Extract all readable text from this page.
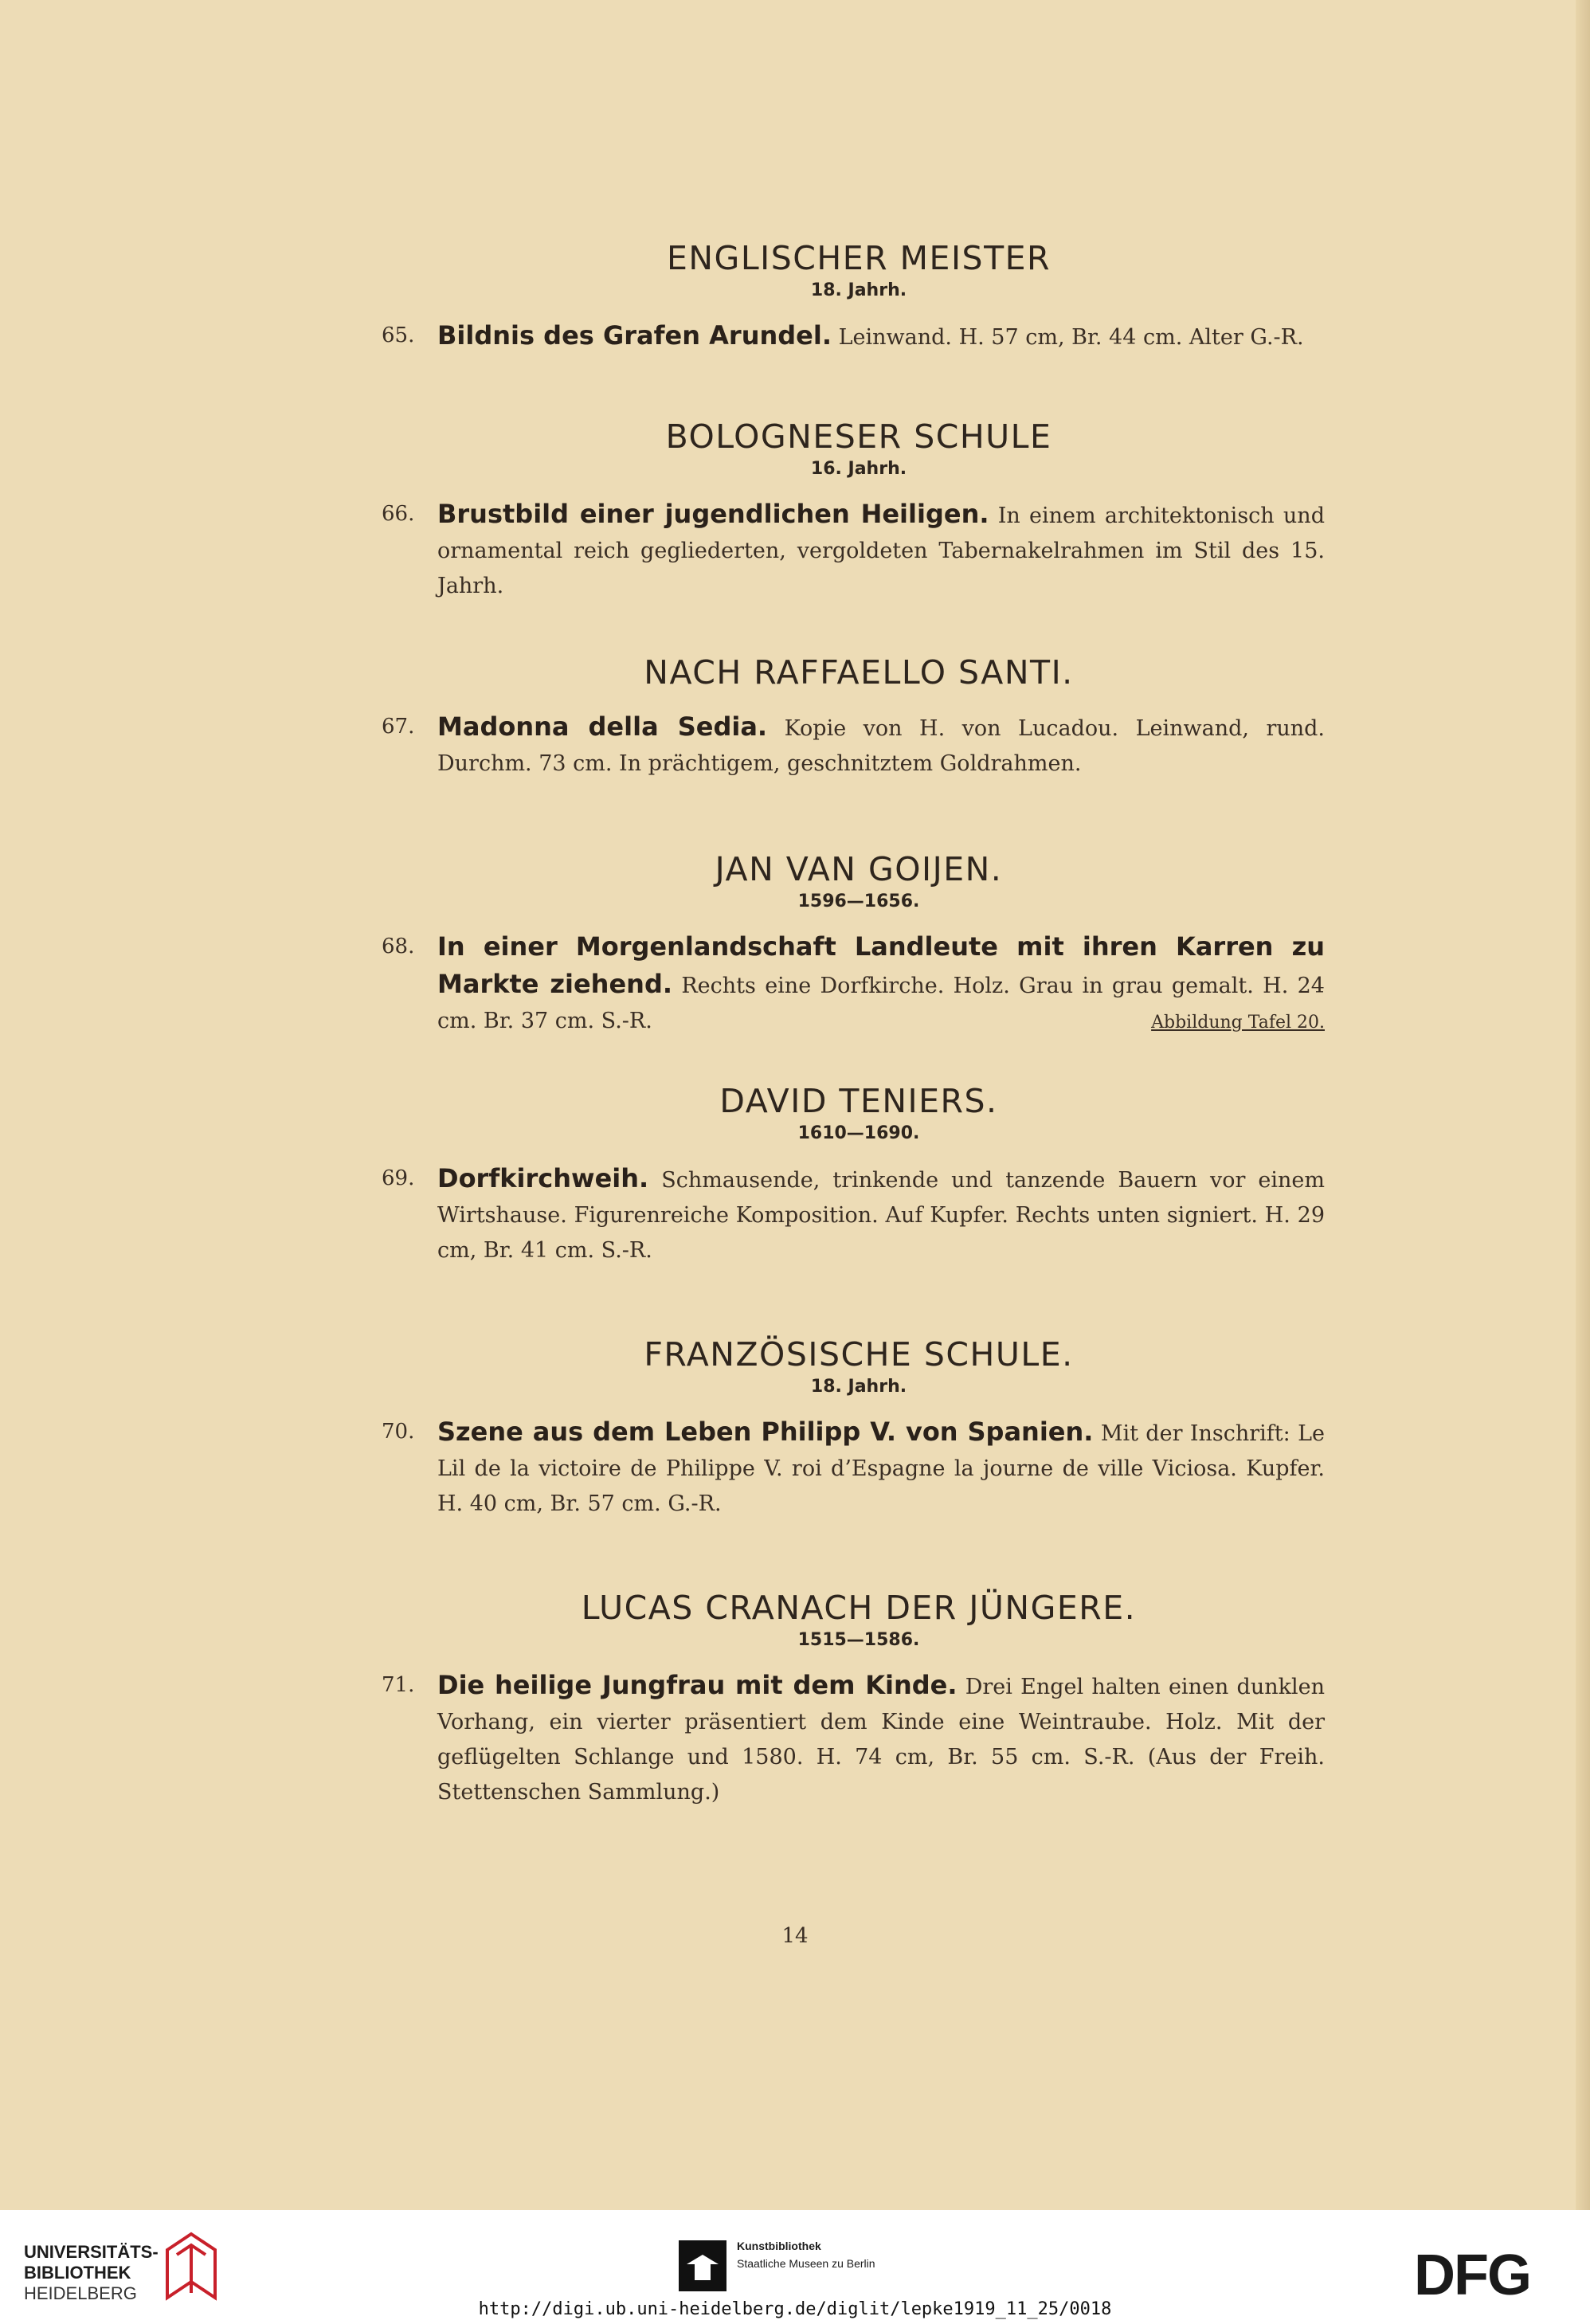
ENGLISCHER MEISTER
18. Jahrh.
65. Bildnis des Grafen Arundel. Leinwand. H. 57 cm, Br. 44 cm. Alter G.-R.
BOLOGNESER SCHULE
16. Jahrh.
66. Brustbild einer jugendlichen Heiligen. In einem architektonisch und ornamental reich gegliederten, vergoldeten Tabernakelrahmen im Stil des 15. Jahrh.
NACH RAFFAELLO SANTI.
67. Madonna della Sedia. Kopie von H. von Lucadou. Leinwand, rund. Durchm. 73 cm. In prächtigem, geschnitztem Goldrahmen.
JAN VAN GOIJEN.
1596—1656.
68. In einer Morgenlandschaft Landleute mit ihren Karren zu Markte ziehend. Rechts eine Dorfkirche. Holz. Grau in grau gemalt. H. 24 cm. Br. 37 cm. S.-R.	Abbildung Tafel 20.
DAVID TENIERS.
1610—1690.
69. Dorfkirchweih. Schmausende, trinkende und tanzende Bauern vor einem Wirtshause. Figurenreiche Komposition. Auf Kupfer. Rechts unten signiert. H. 29 cm, Br. 41 cm. S.-R.
FRANZÖSISCHE SCHULE.
18. Jahrh.
70. Szene aus dem Leben Philipp V. von Spanien. Mit der Inschrift: Le Lil de la victoire de Philippe V. roi d’Espagne la journe de ville Viciosa. Kupfer. H. 40 cm, Br. 57 cm. G.-R.
LUCAS CRANACH DER JÜNGERE.
1515—1586.
71. Die heilige Jungfrau mit dem Kinde. Drei Engel halten einen dunklen Vorhang, ein vierter präsentiert dem Kinde eine Weintraube. Holz. Mit der geflügelten Schlange und 1580. H. 74 cm, Br. 55 cm. S.-R. (Aus der Freih. Stettenschen Sammlung.)
14
UNIVERSITÄTS-
BIBLIOTHEK
HEIDELBERG
Kunstbibliothek
Staatliche Museen zu Berlin	DFG
http://digi.ub.uni-heidelberg.de/diglit/lepke1919_11_25/0018
